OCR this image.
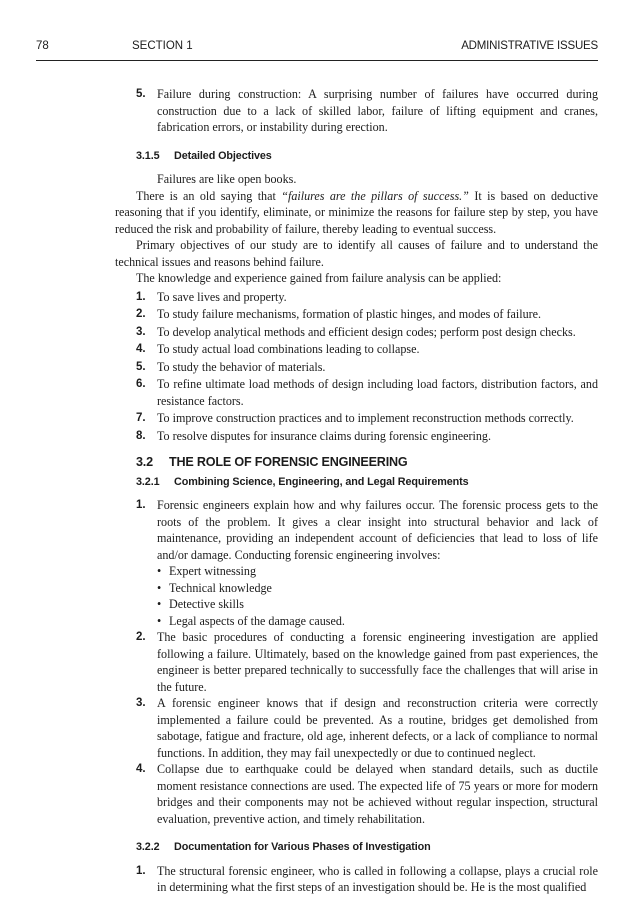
78	SECTION 1	ADMINISTRATIVE ISSUES
5. Failure during construction: A surprising number of failures have occurred during construction due to a lack of skilled labor, failure of lifting equipment and cranes, fabrication errors, or instability during erection.
3.1.5 Detailed Objectives
Failures are like open books.
There is an old saying that “failures are the pillars of success.” It is based on deductive reasoning that if you identify, eliminate, or minimize the reasons for failure step by step, you have reduced the risk and probability of failure, thereby leading to eventual success.
Primary objectives of our study are to identify all causes of failure and to understand the technical issues and reasons behind failure.
The knowledge and experience gained from failure analysis can be applied:
1. To save lives and property.
2. To study failure mechanisms, formation of plastic hinges, and modes of failure.
3. To develop analytical methods and efficient design codes; perform post design checks.
4. To study actual load combinations leading to collapse.
5. To study the behavior of materials.
6. To refine ultimate load methods of design including load factors, distribution factors, and resistance factors.
7. To improve construction practices and to implement reconstruction methods correctly.
8. To resolve disputes for insurance claims during forensic engineering.
3.2 THE ROLE OF FORENSIC ENGINEERING
3.2.1 Combining Science, Engineering, and Legal Requirements
1. Forensic engineers explain how and why failures occur. The forensic process gets to the roots of the problem. It gives a clear insight into structural behavior and lack of maintenance, providing an independent account of deficiencies that lead to loss of life and/or damage. Conducting forensic engineering involves:
• Expert witnessing
• Technical knowledge
• Detective skills
• Legal aspects of the damage caused.
2. The basic procedures of conducting a forensic engineering investigation are applied following a failure. Ultimately, based on the knowledge gained from past experiences, the engineer is better prepared technically to successfully face the challenges that will arise in the future.
3. A forensic engineer knows that if design and reconstruction criteria were correctly implemented a failure could be prevented. As a routine, bridges get demolished from sabotage, fatigue and fracture, old age, inherent defects, or a lack of compliance to normal functions. In addition, they may fail unexpectedly or due to continued neglect.
4. Collapse due to earthquake could be delayed when standard details, such as ductile moment resistance connections are used. The expected life of 75 years or more for modern bridges and their components may not be achieved without regular inspection, structural evaluation, preventive action, and timely rehabilitation.
3.2.2 Documentation for Various Phases of Investigation
1. The structural forensic engineer, who is called in following a collapse, plays a crucial role in determining what the first steps of an investigation should be. He is the most qualified
